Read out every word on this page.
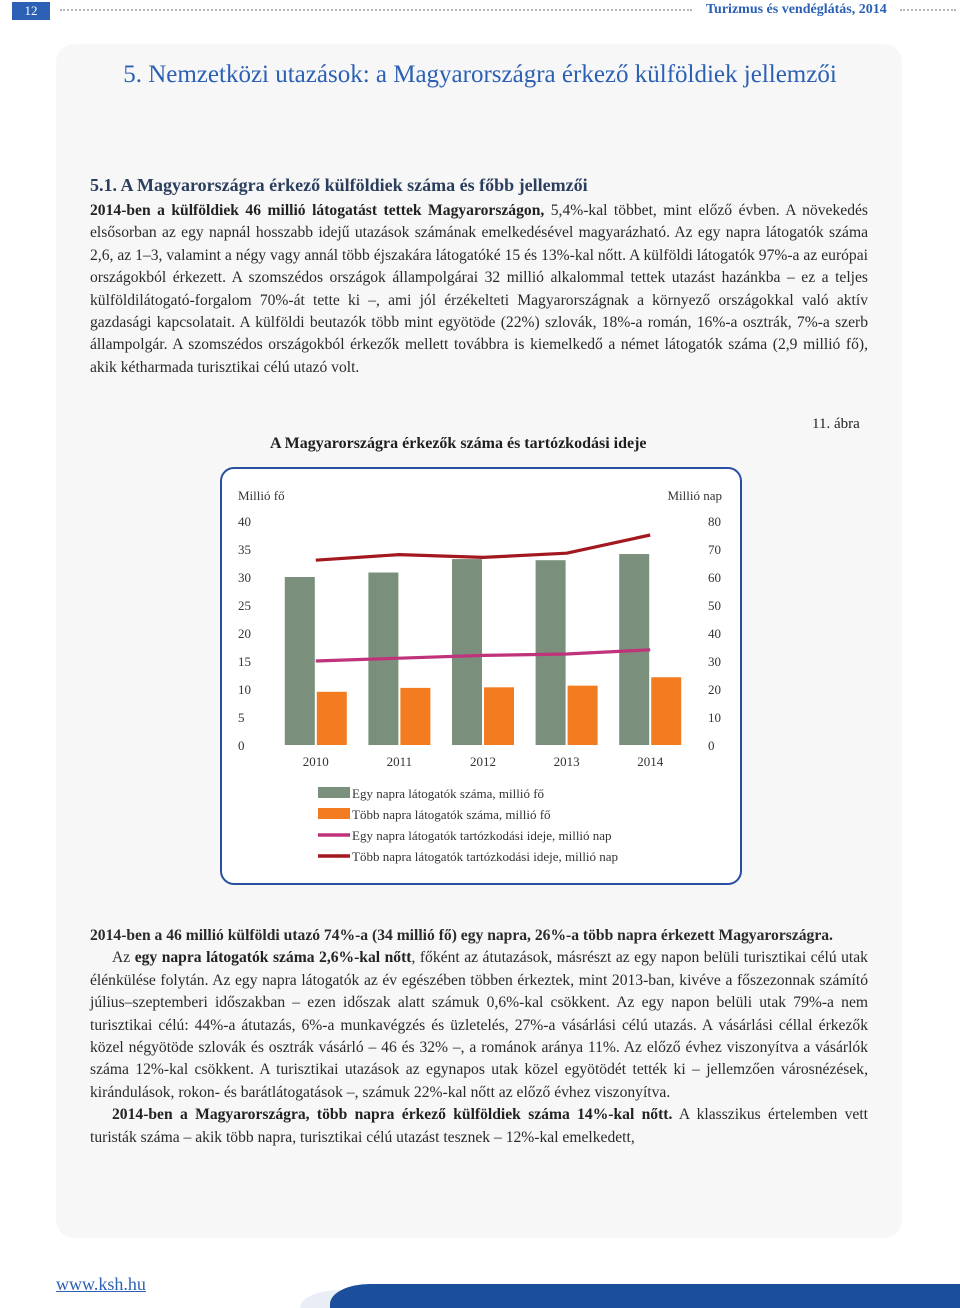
12	Turizmus és vendéglátás, 2014
5. Nemzetközi utazások: a Magyarországra érkező külföldiek jellemzői
5.1. A Magyarországra érkező külföldiek száma és főbb jellemzői
2014-ben a külföldiek 46 millió látogatást tettek Magyarországon, 5,4%-kal többet, mint előző évben. A növekedés elsősorban az egy napnál hosszabb idejű utazások számának emelkedésével magyarázható. Az egy napra látogatók száma 2,6, az 1–3, valamint a négy vagy annál több éjszakára látogatóké 15 és 13%-kal nőtt. A külföldi látogatók 97%-a az európai országokból érkezett. A szomszédos országok állampolgárai 32 millió alkalommal tettek utazást hazánkba – ez a teljes külföldilátogató-forgalom 70%-át tette ki –, ami jól érzékelteti Magyarországnak a környező országokkal való aktív gazdasági kapcsolatait. A külföldi beutazók több mint egyötöde (22%) szlovák, 18%-a román, 16%-a osztrák, 7%-a szerb állampolgár. A szomszédos országokból érkezők mellett továbbra is kiemelkedő a német látogatók száma (2,9 millió fő), akik kétharmada turisztikai célú utazó volt.
11. ábra
A Magyarországra érkezők száma és tartózkodási ideje
Millió fő	Millió nap
0
5
10
15
20
25
30
35
40
0
10
20
30
40
50
60
70
80
2010	2011	2012	2013	2014
Egy napra látogatók száma, millió fő
Több napra látogatók száma, millió fő
Egy napra látogatók tartózkodási ideje, millió nap
Több napra látogatók tartózkodási ideje, millió nap
2014-ben a 46 millió külföldi utazó 74%-a (34 millió fő) egy napra, 26%-a több napra érkezett Magyarországra.
Az egy napra látogatók száma 2,6%-kal nőtt, főként az átutazások, másrészt az egy napon belüli turisztikai célú utak élénkülése folytán. Az egy napra látogatók az év egészében többen érkeztek, mint 2013-ban, kivéve a főszezonnak számító július–szeptemberi időszakban – ezen időszak alatt számuk 0,6%-kal csökkent. Az egy napon belüli utak 79%-a nem turisztikai célú: 44%-a átutazás, 6%-a munkavégzés és üzletelés, 27%-a vásárlási célú utazás. A vásárlási céllal érkezők közel négyötöde szlovák és osztrák vásárló – 46 és 32% –, a románok aránya 11%. Az előző évhez viszonyítva a vásárlók száma 12%-kal csökkent. A turisztikai utazások az egynapos utak közel egyötödét tették ki – jellemzően városnézések, kirándulások, rokon- és barátlátogatások –, számuk 22%-kal nőtt az előző évhez viszonyítva.
2014-ben a Magyarországra, több napra érkező külföldiek száma 14%-kal nőtt. A klasszikus értelemben vett turisták száma – akik több napra, turisztikai célú utazást tesznek – 12%-kal emelkedett,
www.ksh.hu
